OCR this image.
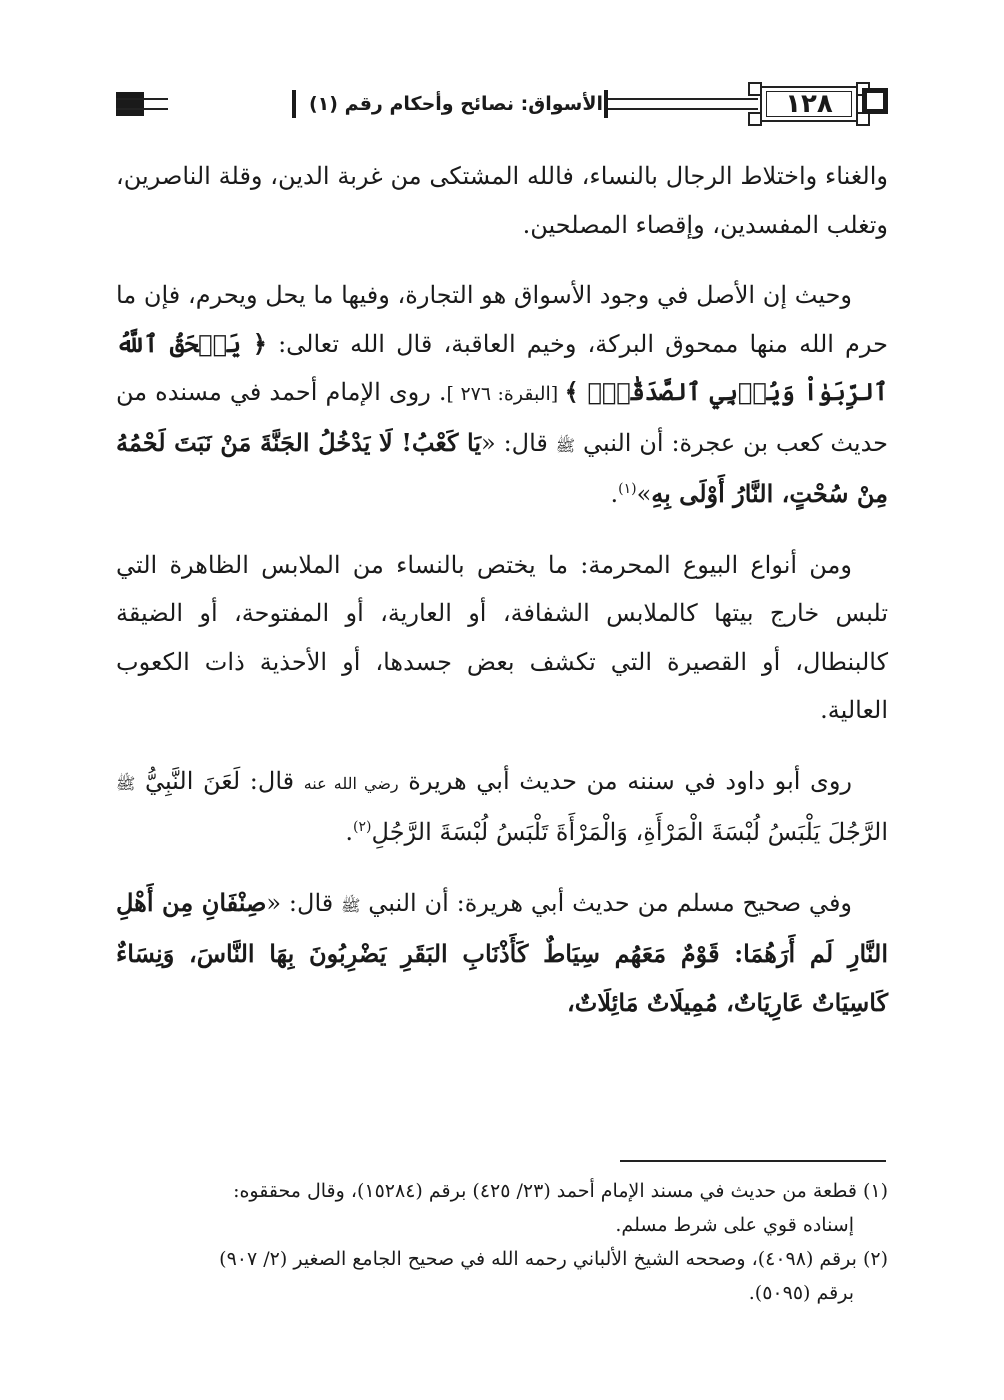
الأسواق: نصائح وأحكام رقم (١)	١٢٨

والغناء واختلاط الرجال بالنساء، فالله المشتكى من غربة الدين، وقلة الناصرين، وتغلب المفسدين، وإقصاء المصلحين.

وحيث إن الأصل في وجود الأسواق هو التجارة، وفيها ما يحل ويحرم، فإن ما حرم الله منها ممحوق البركة، وخيم العاقبة، قال الله تعالى: ﴿ يَمۡحَقُ ٱللَّهُ ٱلرِّبَوٰاْ وَيُرۡبِي ٱلصَّدَقَٰتِۗ ﴾ [البقرة: ٢٧٦ ]. روى الإمام أحمد في مسنده من حديث كعب بن عجرة: أن النبي ﷺ قال: «يَا كَعْبُ! لَا يَدْخُلُ الجَنَّةَ مَنْ نَبَتَ لَحْمُهُ مِنْ سُحْتٍ، النَّارُ أَوْلَى بِهِ»$^{(١)}$.

ومن أنواع البيوع المحرمة: ما يختص بالنساء من الملابس الظاهرة التي تلبس خارج بيتها كالملابس الشفافة، أو العارية، أو المفتوحة، أو الضيقة كالبنطال، أو القصيرة التي تكشف بعض جسدها، أو الأحذية ذات الكعوب العالية.

روى أبو داود في سننه من حديث أبي هريرة رضي الله عنه قال: لَعَنَ النَّبِيُّ ﷺ الرَّجُلَ يَلْبَسُ لُبْسَةَ الْمَرْأَةِ، وَالْمَرْأَةَ تَلْبَسُ لُبْسَةَ الرَّجُلِ$^{(٢)}$.

وفي صحيح مسلم من حديث أبي هريرة: أن النبي ﷺ قال: «صِنْفَانِ مِن أَهْلِ النَّارِ لَم أَرَهُمَا: قَوْمٌ مَعَهُم سِيَاطٌ كَأَذْنَابِ البَقَرِ يَضْرِبُونَ بِهَا النَّاسَ، وَنِسَاءٌ كَاسِيَاتٌ عَارِيَاتٌ، مُمِيلَاتٌ مَائِلَاتٌ،

(١) قطعة من حديث في مسند الإمام أحمد (٢٣/ ٤٢٥) برقم (١٥٢٨٤)، وقال محققوه:
إسناده قوي على شرط مسلم.

(٢) برقم (٤٠٩٨)، وصححه الشيخ الألباني رحمه الله في صحيح الجامع الصغير (٢/ ٩٠٧)
برقم (٥٠٩٥).
